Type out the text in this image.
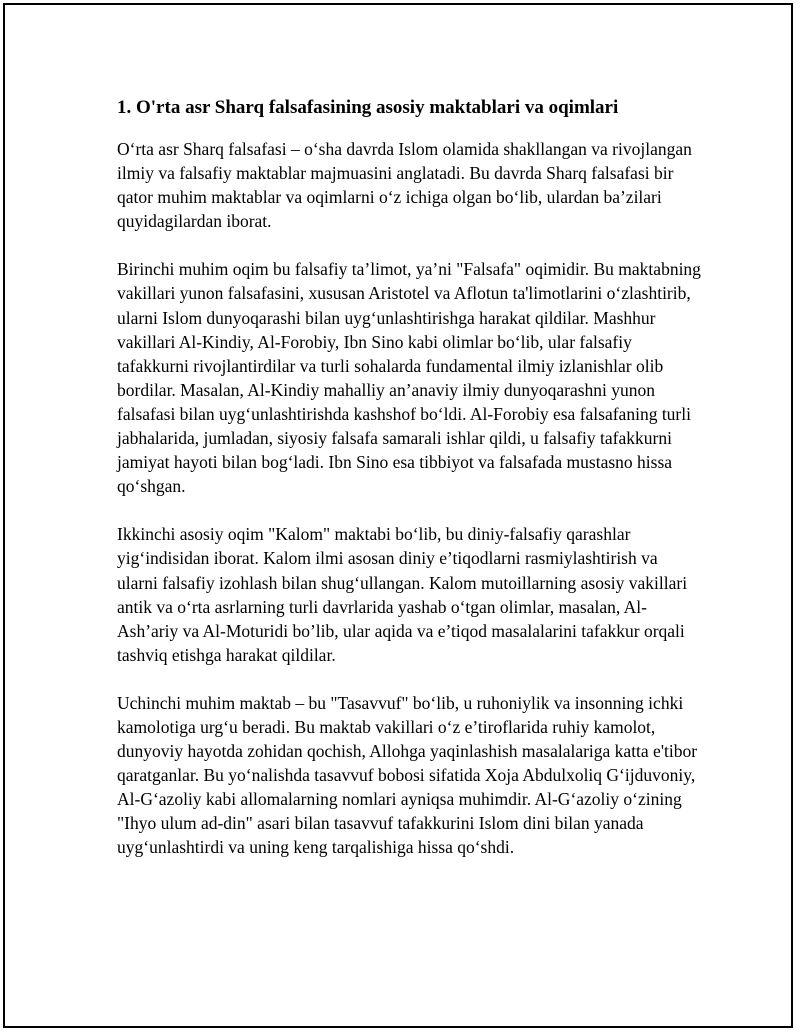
1. O'rta asr Sharq falsafasining asosiy maktablari va oqimlari

O‘rta asr Sharq falsafasi – o‘sha davrda Islom olamida shakllangan va rivojlangan ilmiy va falsafiy maktablar majmuasini anglatadi. Bu davrda Sharq falsafasi bir qator muhim maktablar va oqimlarni o‘z ichiga olgan bo‘lib, ulardan ba’zilari quyidagilardan iborat.

Birinchi muhim oqim bu falsafiy ta’limot, ya’ni "Falsafa" oqimidir. Bu maktabning vakillari yunon falsafasini, xususan Aristotel va Aflotun ta'limotlarini o‘zlashtirib, ularni Islom dunyoqarashi bilan uyg‘unlashtirishga harakat qildilar. Mashhur vakillari Al-Kindiy, Al-Forobiy, Ibn Sino kabi olimlar bo‘lib, ular falsafiy tafakkurni rivojlantirdilar va turli sohalarda fundamental ilmiy izlanishlar olib bordilar. Masalan, Al-Kindiy mahalliy an’anaviy ilmiy dunyoqarashni yunon falsafasi bilan uyg‘unlashtirishda kashshof bo‘ldi. Al-Forobiy esa falsafaning turli jabhalarida, jumladan, siyosiy falsafa samarali ishlar qildi, u falsafiy tafakkurni jamiyat hayoti bilan bog‘ladi. Ibn Sino esa tibbiyot va falsafada mustasno hissa qo‘shgan.

Ikkinchi asosiy oqim "Kalom" maktabi bo‘lib, bu diniy-falsafiy qarashlar yig‘indisidan iborat. Kalom ilmi asosan diniy e’tiqodlarni rasmiylashtirish va ularni falsafiy izohlash bilan shug‘ullangan. Kalom mutoillarning asosiy vakillari antik va o‘rta asrlarning turli davrlarida yashab o‘tgan olimlar, masalan, Al-Ash’ariy va Al-Moturidi bo’lib, ular aqida va e’tiqod masalalarini tafakkur orqali tashviq etishga harakat qildilar.

Uchinchi muhim maktab – bu "Tasavvuf" bo‘lib, u ruhoniylik va insonning ichki kamolotiga urg‘u beradi. Bu maktab vakillari o‘z e’tiroflarida ruhiy kamolot, dunyoviy hayotda zohidan qochish, Allohga yaqinlashish masalalariga katta e'tibor qaratganlar. Bu yo‘nalishda tasavvuf bobosi sifatida Xoja Abdulxoliq G‘ijduvoniy, Al-G‘azoliy kabi allomalarning nomlari ayniqsa muhimdir. Al-G‘azoliy o‘zining "Ihyo ulum ad-din" asari bilan tasavvuf tafakkurini Islom dini bilan yanada uyg‘unlashtirdi va uning keng tarqalishiga hissa qo‘shdi.
